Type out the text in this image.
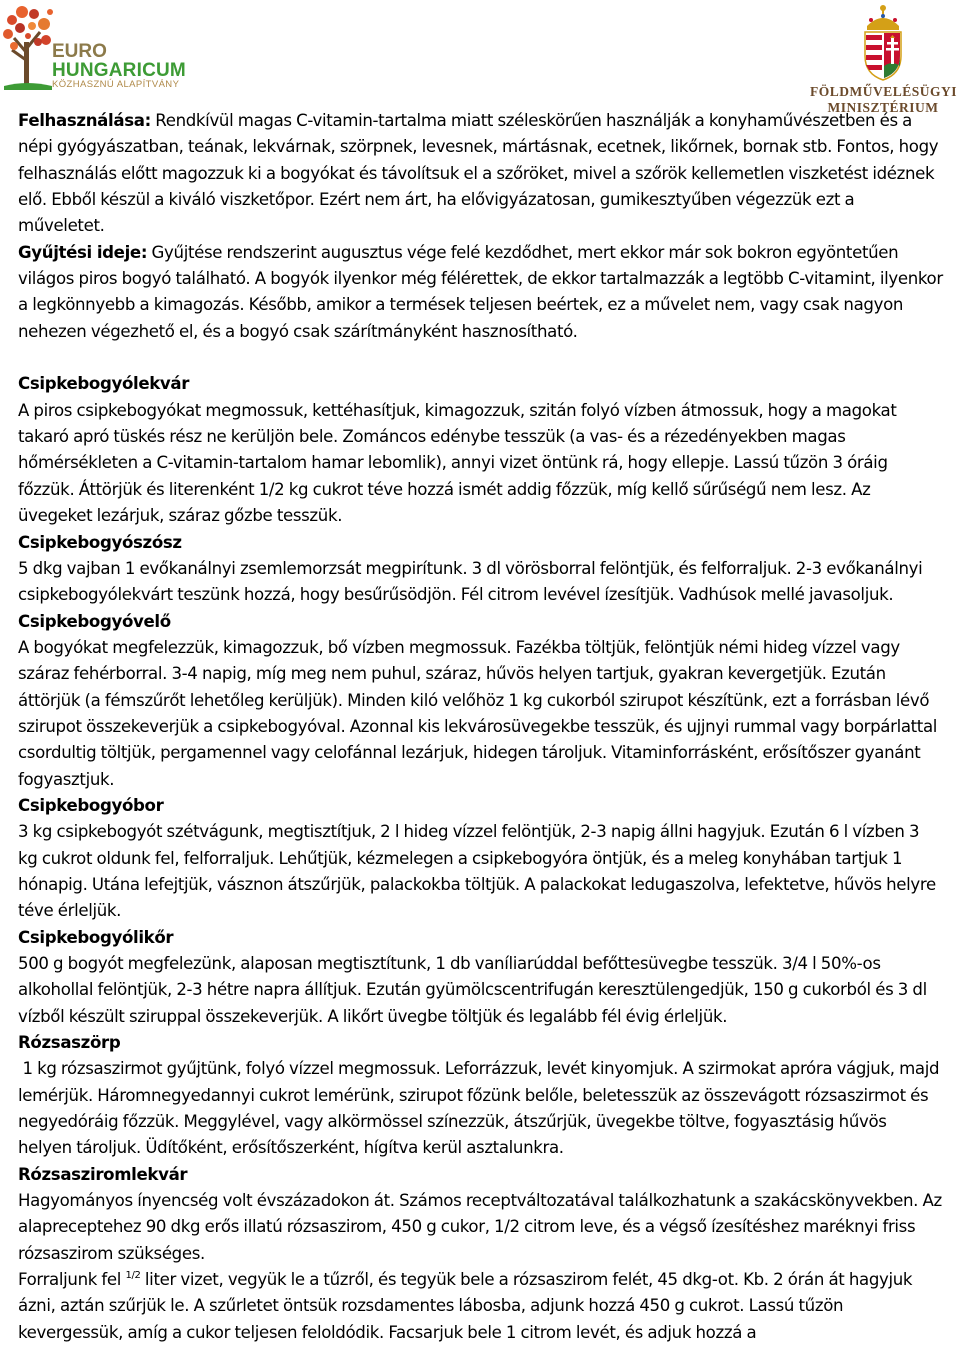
EURO
HUNGARICUM
KÖZHASZNÚ ALAPÍTVÁNY	FÖLDMŰVELÉSÜGYI
MINISZTÉRIUM

Felhasználása: Rendkívül magas C-vitamin-tartalma miatt széleskörűen használják a konyhaművészetben és a népi gyógyászatban, teának, lekvárnak, szörpnek, levesnek, mártásnak, ecetnek, likőrnek, bornak stb. Fontos, hogy felhasználás előtt magozzuk ki a bogyókat és távolítsuk el a szőröket, mivel a szőrök kellemetlen viszketést idéznek elő. Ebből készül a kiváló viszketőpor. Ezért nem árt, ha elővigyázatosan, gumikesztyűben végezzük ezt a műveletet.

Gyűjtési ideje: Gyűjtése rendszerint augusztus vége felé kezdődhet, mert ekkor már sok bokron egyöntetűen világos piros bogyó található. A bogyók ilyenkor még félérettek, de ekkor tartalmazzák a legtöbb C-vitamint, ilyenkor a legkönnyebb a kimagozás. Később, amikor a termések teljesen beértek, ez a művelet nem, vagy csak nagyon nehezen végezhető el, és a bogyó csak szárítmányként hasznosítható.

Csipkebogyólekvár

A piros csipkebogyókat megmossuk, kettéhasítjuk, kimagozzuk, szitán folyó vízben átmossuk, hogy a magokat takaró apró tüskés rész ne kerüljön bele. Zománcos edénybe tesszük (a vas- és a rézedényekben magas hőmérsékleten a C-vitamin-tartalom hamar lebomlik), annyi vizet öntünk rá, hogy ellepje. Lassú tűzön 3 óráig főzzük. Áttörjük és literenként 1/2 kg cukrot téve hozzá ismét addig főzzük, míg kellő sűrűségű nem lesz. Az üvegeket lezárjuk, száraz gőzbe tesszük.

Csipkebogyószósz

5 dkg vajban 1 evőkanálnyi zsemlemorzsát megpirítunk. 3 dl vörösborral felöntjük, és felforraljuk. 2-3 evőkanálnyi csipkebogyólekvárt teszünk hozzá, hogy besűrűsödjön. Fél citrom levével ízesítjük. Vadhúsok mellé javasoljuk.

Csipkebogyóvelő

A bogyókat megfelezzük, kimagozzuk, bő vízben megmossuk. Fazékba töltjük, felöntjük némi hideg vízzel vagy száraz fehérborral. 3-4 napig, míg meg nem puhul, száraz, hűvös helyen tartjuk, gyakran kevergetjük. Ezután áttörjük (a fémszűrőt lehetőleg kerüljük). Minden kiló velőhöz 1 kg cukorból szirupot készítünk, ezt a forrásban lévő szirupot összekeverjük a csipkebogyóval. Azonnal kis lekvárosüvegekbe tesszük, és ujjnyi rummal vagy borpárlattal csordultig töltjük, pergamennel vagy celofánnal lezárjuk, hidegen tároljuk. Vitaminforrásként, erősítőszer gyanánt fogyasztjuk.

Csipkebogyóbor

3 kg csipkebogyót szétvágunk, megtisztítjuk, 2 l hideg vízzel felöntjük, 2-3 napig állni hagyjuk. Ezután 6 l vízben 3 kg cukrot oldunk fel, felforraljuk. Lehűtjük, kézmelegen a csipkebogyóra öntjük, és a meleg konyhában tartjuk 1 hónapig. Utána lefejtjük, vásznon átszűrjük, palackokba töltjük. A palackokat ledugaszolva, lefektetve, hűvös helyre téve érleljük.

Csipkebogyólikőr

500 g bogyót megfelezünk, alaposan megtisztítunk, 1 db vaníliarúddal befőttesüvegbe tesszük. 3/4 l 50%-os alkohollal felöntjük, 2-3 hétre napra állítjuk. Ezután gyümölcscentrifugán keresztülengedjük, 150 g cukorból és 3 dl vízből készült sziruppal összekeverjük. A likőrt üvegbe töltjük és legalább fél évig érleljük.

Rózsaszörp

1 kg rózsaszirmot gyűjtünk, folyó vízzel megmossuk. Leforrázzuk, levét kinyomjuk. A szirmokat apróra vágjuk, majd lemérjük. Háromnegyedannyi cukrot lemérünk, szirupot főzünk belőle, beletesszük az összevágott rózsaszirmot és negyedóráig főzzük. Meggylével, vagy alkörmössel színezzük, átszűrjük, üvegekbe töltve, fogyasztásig hűvös helyen tároljuk. Üdítőként, erősítőszerként, hígítva kerül asztalunkra.

Rózsasziromlekvár

Hagyományos ínyencség volt évszázadokon át. Számos receptváltozatával találkozhatunk a szakácskönyvekben. Az alapreceptehez 90 dkg erős illatú rózsaszirom, 450 g cukor, 1/2 citrom leve, és a végső ízesítéshez maréknyi friss rózsaszirom szükséges.

Forraljunk fel $^{1/2}$ liter vizet, vegyük le a tűzről, és tegyük bele a rózsaszirom felét, 45 dkg-ot. Kb. 2 órán át hagyjuk ázni, aztán szűrjük le. A szűrletet öntsük rozsdamentes lábosba, adjunk hozzá 450 g cukrot. Lassú tűzön kevergessük, amíg a cukor teljesen feloldódik. Facsarjuk bele 1 citrom levét, és adjuk hozzá a
